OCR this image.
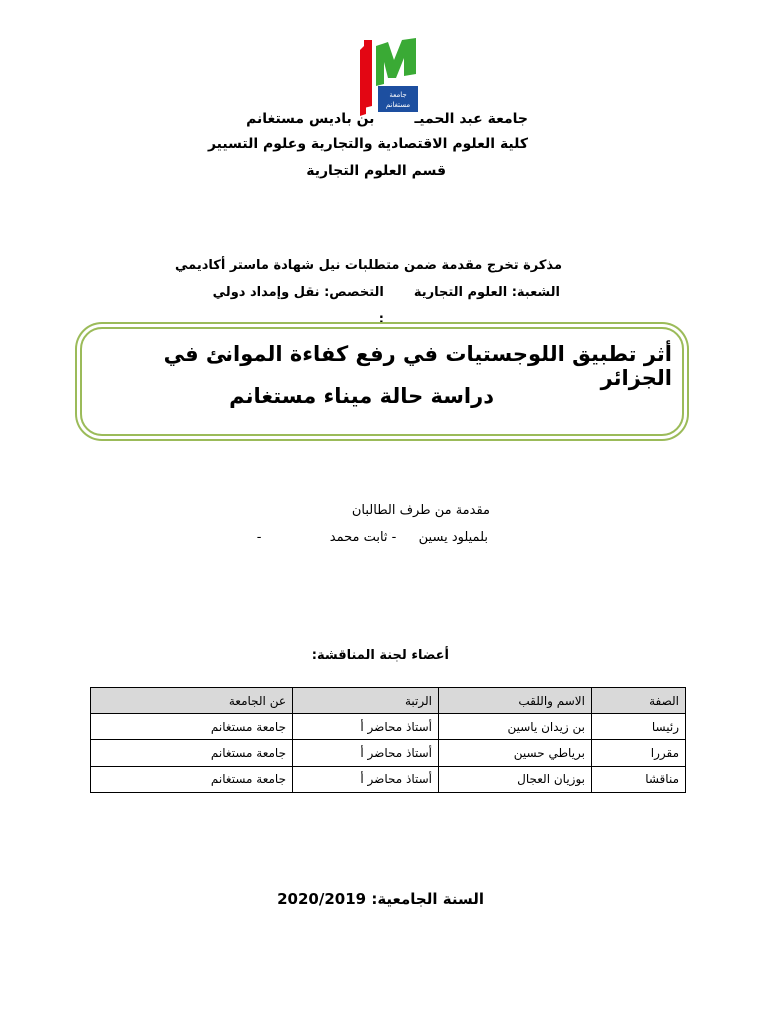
جامعة
مستغانم
جامعة عبد الحميـبن باديس مستغانم
كلية العلوم الاقتصادية والتجارية وعلوم التسيير
قسم العلوم التجارية
مذكرة تخرج مقدمة ضمن متطلبات نيل شهادة ماستر أكاديمي
الشعبة: العلوم التجاريةالتخصص: نقل وإمداد دولي
:
أثر تطبيق اللوجستيات في رفع كفاءة الموانئ في الجزائر
دراسة حالة ميناء مستغانم
مقدمة من طرف الطالبان
بلميلود يسين  - ثابت محمد  -
أعضاء لجنة المناقشة:
الصفة	الاسم واللقب	الرتبة	عن الجامعة
رئيسا	بن زيدان ياسين	أستاذ محاضر أ	جامعة مستغانم
مقررا	برياطي حسين	أستاذ محاضر أ	جامعة مستغانم
مناقشا	بوزيان العجال	أستاذ محاضر أ	جامعة مستغانم
السنة الجامعية: 2020/2019
